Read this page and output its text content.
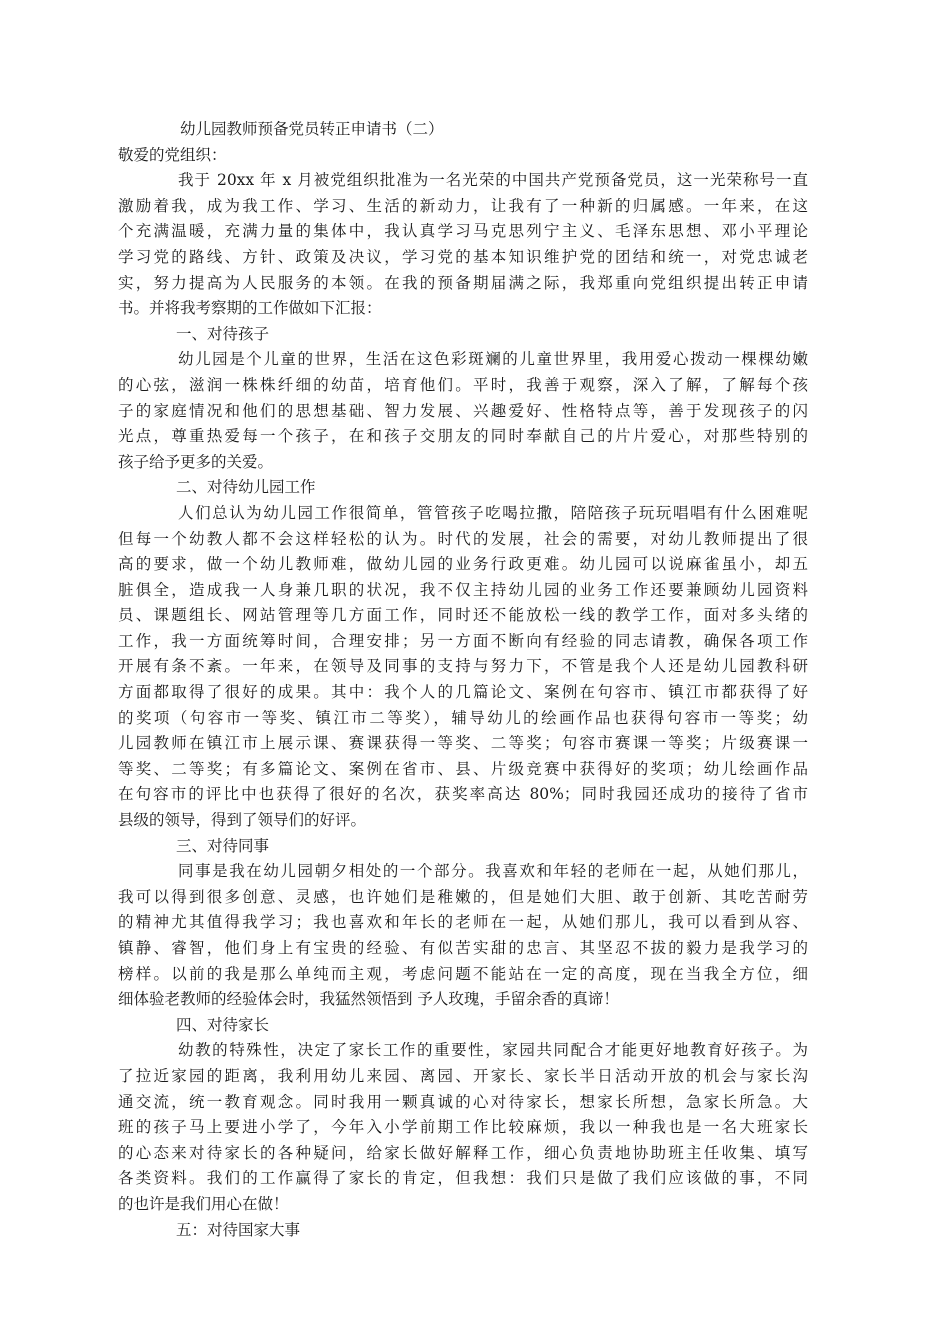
幼儿园教师预备党员转正申请书（二）
敬爱的党组织：
我于 20xx 年 x 月被党组织批准为一名光荣的中国共产党预备党员，这一光荣称号一直
激励着我，成为我工作、学习、生活的新动力，让我有了一种新的归属感。一年来，在这
个充满温暖，充满力量的集体中，我认真学习马克思列宁主义、毛泽东思想、邓小平理论
学习党的路线、方针、政策及决议，学习党的基本知识维护党的团结和统一，对党忠诚老
实，努力提高为人民服务的本领。在我的预备期届满之际，我郑重向党组织提出转正申请
书。并将我考察期的工作做如下汇报：
一、对待孩子
幼儿园是个儿童的世界，生活在这色彩斑斓的儿童世界里，我用爱心拨动一棵棵幼嫩
的心弦，滋润一株株纤细的幼苗，培育他们。平时，我善于观察，深入了解，了解每个孩
子的家庭情况和他们的思想基础、智力发展、兴趣爱好、性格特点等，善于发现孩子的闪
光点，尊重热爱每一个孩子，在和孩子交朋友的同时奉献自己的片片爱心，对那些特别的
孩子给予更多的关爱。
二、对待幼儿园工作
人们总认为幼儿园工作很简单，管管孩子吃喝拉撒，陪陪孩子玩玩唱唱有什么困难呢
但每一个幼教人都不会这样轻松的认为。时代的发展，社会的需要，对幼儿教师提出了很
高的要求，做一个幼儿教师难，做幼儿园的业务行政更难。幼儿园可以说麻雀虽小，却五
脏俱全，造成我一人身兼几职的状况，我不仅主持幼儿园的业务工作还要兼顾幼儿园资料
员、课题组长、网站管理等几方面工作，同时还不能放松一线的教学工作，面对多头绪的
工作，我一方面统筹时间，合理安排；另一方面不断向有经验的同志请教，确保各项工作
开展有条不紊。一年来，在领导及同事的支持与努力下，不管是我个人还是幼儿园教科研
方面都取得了很好的成果。其中：我个人的几篇论文、案例在句容市、镇江市都获得了好
的奖项（句容市一等奖、镇江市二等奖），辅导幼儿的绘画作品也获得句容市一等奖；幼
儿园教师在镇江市上展示课、赛课获得一等奖、二等奖；句容市赛课一等奖；片级赛课一
等奖、二等奖；有多篇论文、案例在省市、县、片级竞赛中获得好的奖项；幼儿绘画作品
在句容市的评比中也获得了很好的名次，获奖率高达 80%；同时我园还成功的接待了省市
县级的领导，得到了领导们的好评。
三、对待同事
同事是我在幼儿园朝夕相处的一个部分。我喜欢和年轻的老师在一起，从她们那儿，
我可以得到很多创意、灵感，也许她们是稚嫩的，但是她们大胆、敢于创新、其吃苦耐劳
的精神尤其值得我学习；我也喜欢和年长的老师在一起，从她们那儿，我可以看到从容、
镇静、睿智，他们身上有宝贵的经验、有似苦实甜的忠言、其坚忍不拔的毅力是我学习的
榜样。以前的我是那么单纯而主观，考虑问题不能站在一定的高度，现在当我全方位，细
细体验老教师的经验体会时，我猛然领悟到 予人玫瑰，手留余香的真谛！
四、对待家长
幼教的特殊性，决定了家长工作的重要性，家园共同配合才能更好地教育好孩子。为
了拉近家园的距离，我利用幼儿来园、离园、开家长、家长半日活动开放的机会与家长沟
通交流，统一教育观念。同时我用一颗真诚的心对待家长，想家长所想，急家长所急。大
班的孩子马上要进小学了，今年入小学前期工作比较麻烦，我以一种我也是一名大班家长
的心态来对待家长的各种疑问，给家长做好解释工作，细心负责地协助班主任收集、填写
各类资料。我们的工作赢得了家长的肯定，但我想：我们只是做了我们应该做的事，不同
的也许是我们用心在做！
五：对待国家大事
